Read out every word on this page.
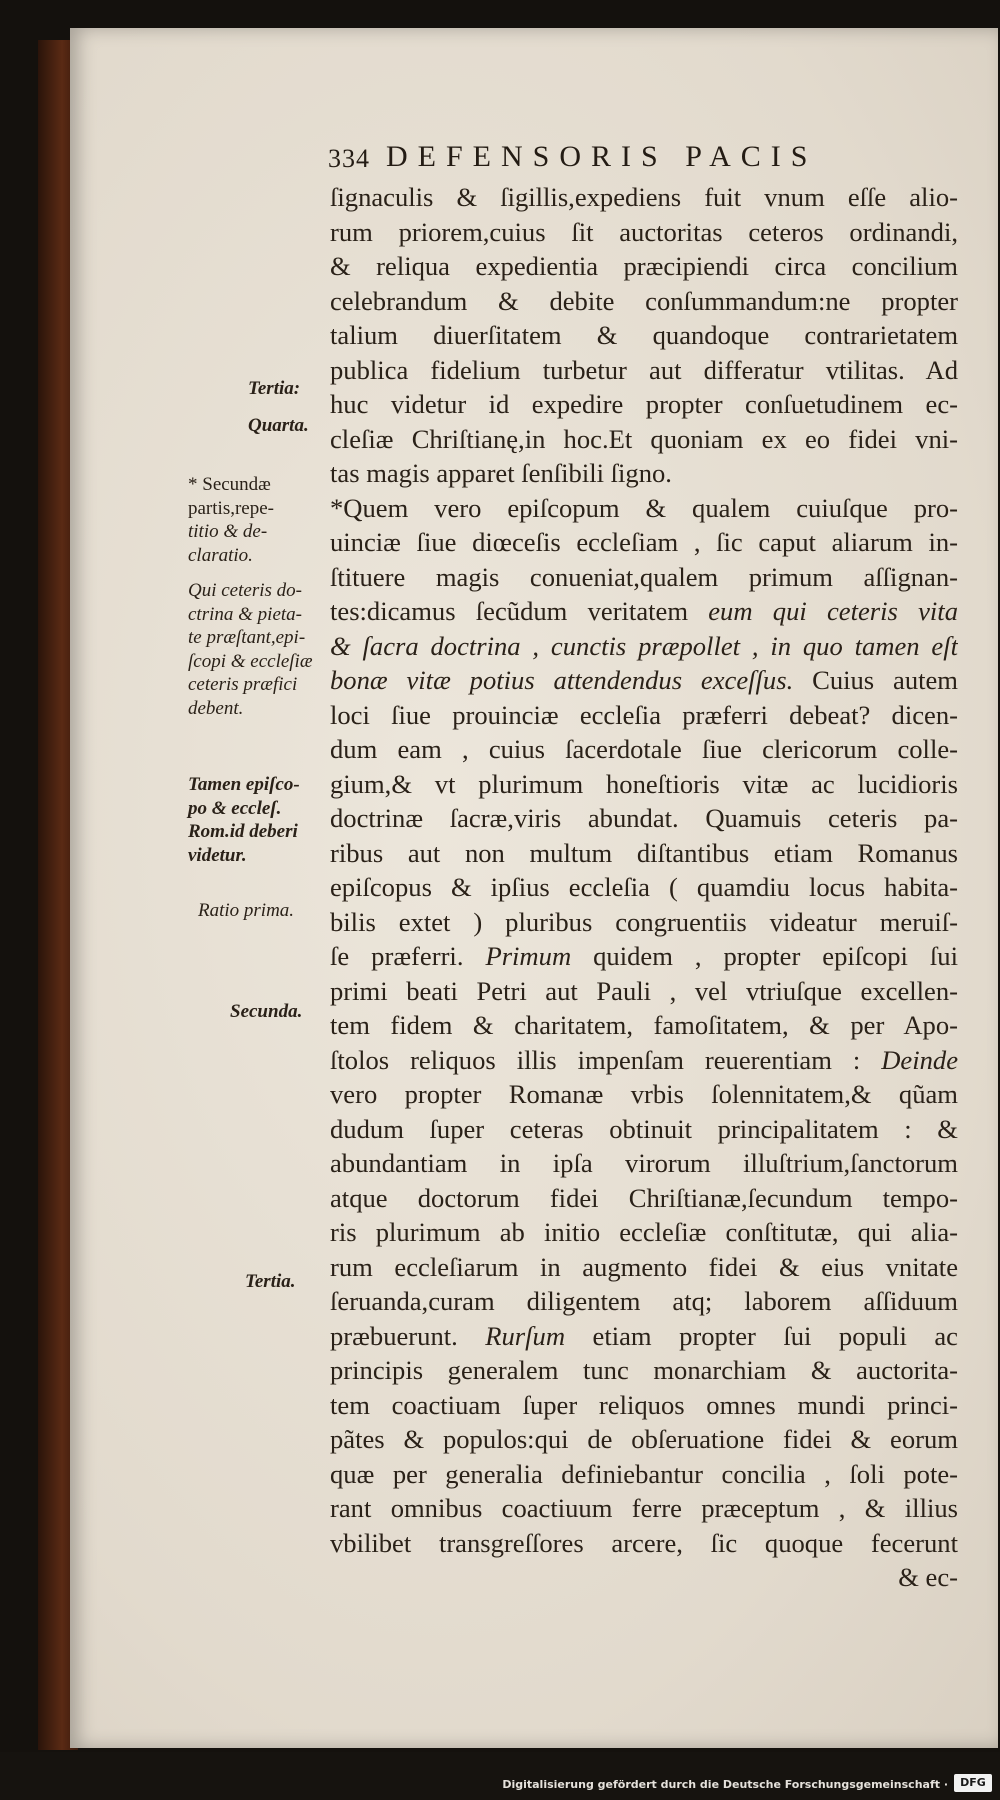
334 DEFENSORIS PACIS
Tertia:
Quarta.
* Secundæ
partis,repe-
titio & de-
claratio.
Qui ceteris do-
ctrina & pieta-
te præſtant,epi-
ſcopi & eccleſiæ
ceteris præfici
debent.
Tamen epiſco-
po & eccleſ.
Rom.id deberi
videtur.
Ratio prima.
Secunda.
Tertia.
ſignaculis & ſigillis,expediens fuit vnum eſſe alio-
rum priorem,cuius ſit auctoritas ceteros ordinandi,
& reliqua expedientia præcipiendi circa concilium
celebrandum & debite conſummandum:ne propter
talium diuerſitatem & quandoque contrarietatem
publica fidelium turbetur aut differatur vtilitas. Ad
huc videtur id expedire propter conſuetudinem ec-
cleſiæ Chriſtianę,in hoc.Et quoniam ex eo fidei vni-
tas magis apparet ſenſibili ſigno.
*Quem vero epiſcopum & qualem cuiuſque pro-
uinciæ ſiue diœceſis eccleſiam , ſic caput aliarum in-
ſtituere magis conueniat,qualem primum aſſignan-
tes:dicamus ſecũdum veritatem eum qui ceteris vita
& ſacra doctrina , cunctis præpollet , in quo tamen eſt
bonæ vitæ potius attendendus exceſſus. Cuius autem
loci ſiue prouinciæ eccleſia præferri debeat? dicen-
dum eam , cuius ſacerdotale ſiue clericorum colle-
gium,& vt plurimum honeſtioris vitæ ac lucidioris
doctrinæ ſacræ,viris abundat. Quamuis ceteris pa-
ribus aut non multum diſtantibus etiam Romanus
epiſcopus & ipſius eccleſia ( quamdiu locus habita-
bilis extet ) pluribus congruentiis videatur meruiſ-
ſe præferri. Primum quidem , propter epiſcopi ſui
primi beati Petri aut Pauli , vel vtriuſque excellen-
tem fidem & charitatem, famoſitatem, & per Apo-
ſtolos reliquos illis impenſam reuerentiam : Deinde
vero propter Romanæ vrbis ſolennitatem,& qũam
dudum ſuper ceteras obtinuit principalitatem : &
abundantiam in ipſa virorum illuſtrium,ſanctorum
atque doctorum fidei Chriſtianæ,ſecundum tempo-
ris plurimum ab initio eccleſiæ conſtitutæ, qui alia-
rum eccleſiarum in augmento fidei & eius vnitate
ſeruanda,curam diligentem atq; laborem aſſiduum
præbuerunt. Rurſum etiam propter ſui populi ac
principis generalem tunc monarchiam & auctorita-
tem coactiuam ſuper reliquos omnes mundi princi-
pãtes & populos:qui de obſeruatione fidei & eorum
quæ per generalia definiebantur concilia , ſoli pote-
rant omnibus coactiuum ferre præceptum , & illius
vbilibet transgreſſores arcere, ſic quoque fecerunt
& ec-
Digitalisierung gefördert durch die Deutsche Forschungsgemeinschaft ·	DFG
